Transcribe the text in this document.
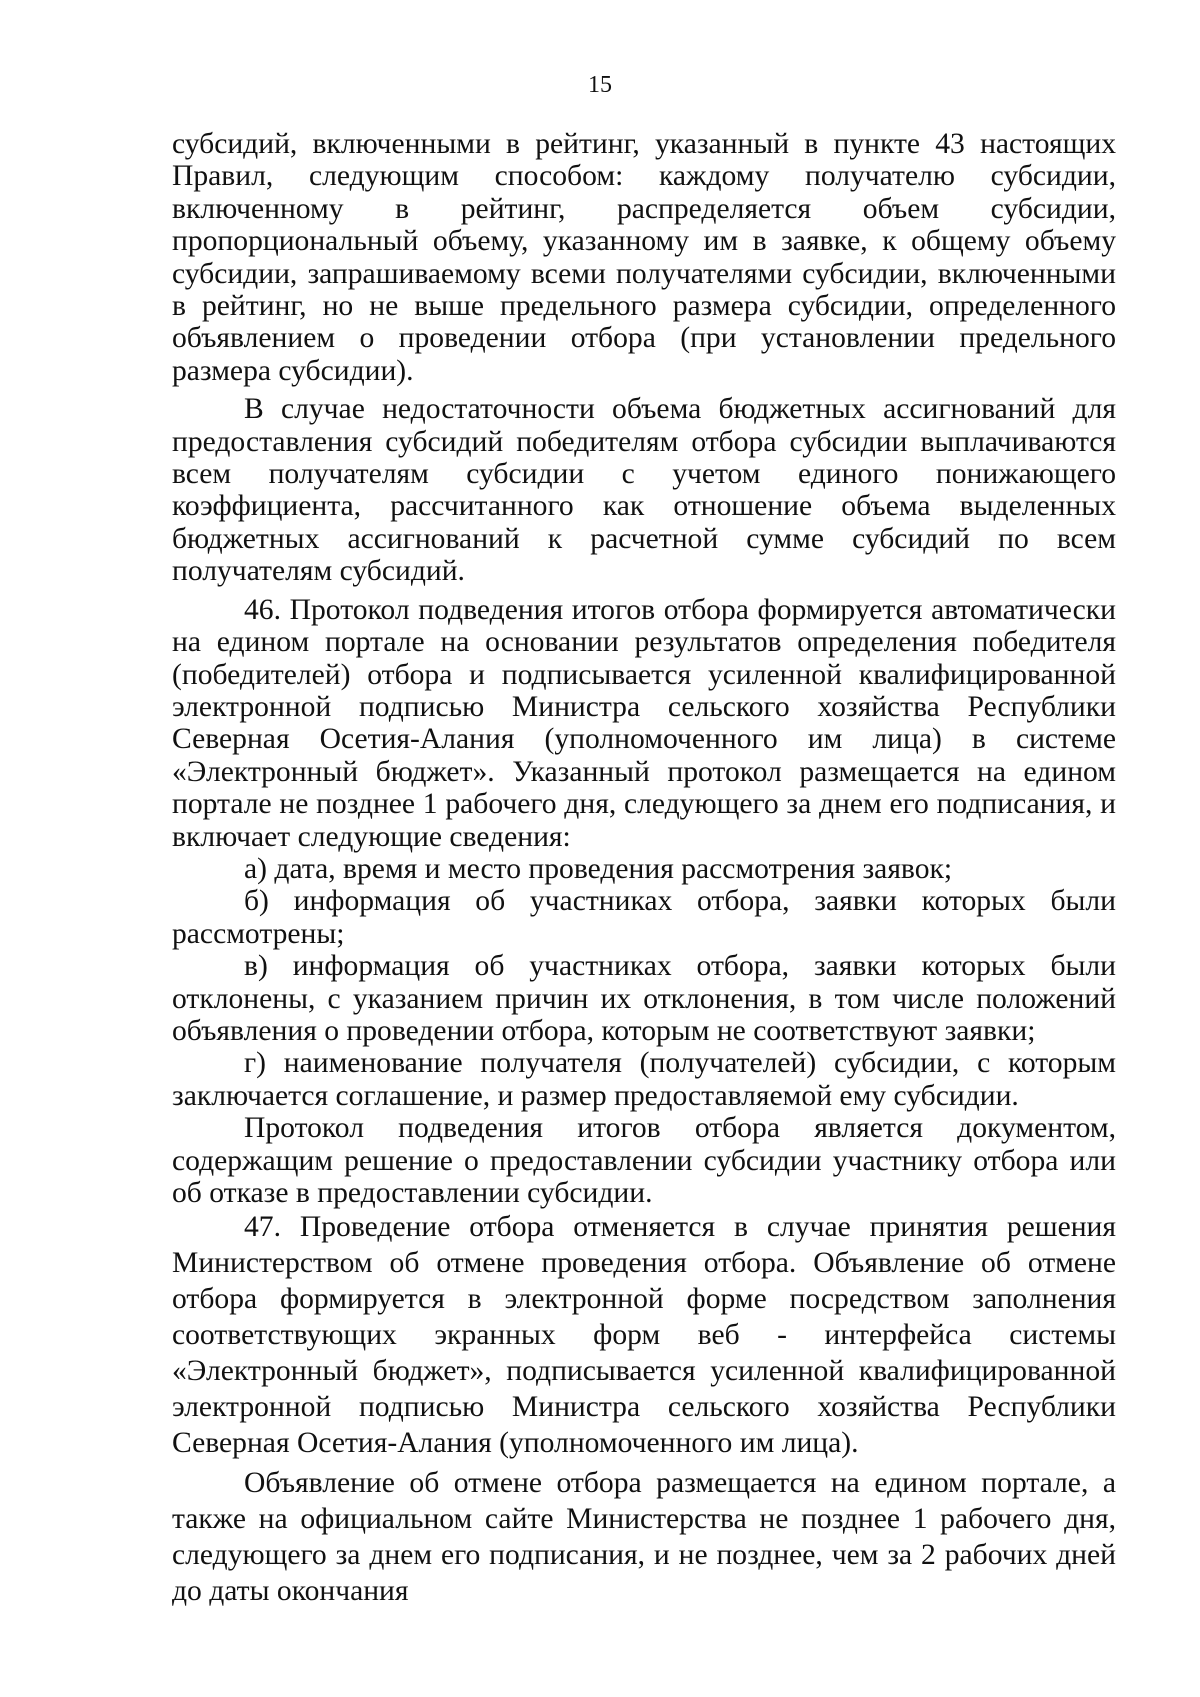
15

субсидий, включенными в рейтинг, указанный в пункте 43 настоящих Правил, следующим способом: каждому получателю субсидии, включенному в рейтинг, распределяется объем субсидии, пропорциональный объему, указанному им в заявке, к общему объему субсидии, запрашиваемому всеми получателями субсидии, включенными в рейтинг, но не выше предельного размера субсидии, определенного объявлением о проведении отбора (при установлении предельного размера субсидии).

В случае недостаточности объема бюджетных ассигнований для предоставления субсидий победителям отбора субсидии выплачиваются всем получателям субсидии с учетом единого понижающего коэффициента, рассчитанного как отношение объема выделенных бюджетных ассигнований к расчетной сумме субсидий по всем получателям субсидий.

46. Протокол подведения итогов отбора формируется автоматически на едином портале на основании результатов определения победителя (победителей) отбора и подписывается усиленной квалифицированной электронной подписью Министра сельского хозяйства Республики Северная Осетия-Алания (уполномоченного им лица) в системе «Электронный бюджет». Указанный протокол размещается на едином портале не позднее 1 рабочего дня, следующего за днем его подписания, и включает следующие сведения:

а) дата, время и место проведения рассмотрения заявок;

б) информация об участниках отбора, заявки которых были рассмотрены;

в) информация об участниках отбора, заявки которых были отклонены, с указанием причин их отклонения, в том числе положений объявления о проведении отбора, которым не соответствуют заявки;

г) наименование получателя (получателей) субсидии, с которым заключается соглашение, и размер предоставляемой ему субсидии.

Протокол подведения итогов отбора является документом, содержащим решение о предоставлении субсидии участнику отбора или об отказе в предоставлении субсидии.

47. Проведение отбора отменяется в случае принятия решения Министерством об отмене проведения отбора. Объявление об отмене отбора формируется в электронной форме посредством заполнения соответствующих экранных форм веб - интерфейса системы «Электронный бюджет», подписывается усиленной квалифицированной электронной подписью Министра сельского хозяйства Республики Северная Осетия-Алания (уполномоченного им лица).

Объявление об отмене отбора размещается на едином портале, а также на официальном сайте Министерства не позднее 1 рабочего дня, следующего за днем его подписания, и не позднее, чем за 2 рабочих дней до даты окончания
